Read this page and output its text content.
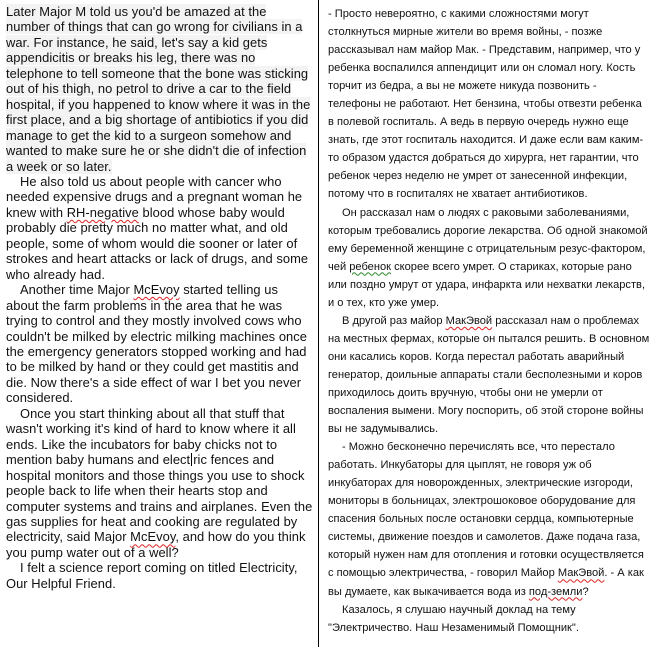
Later Major M told us you'd be amazed at the number of things that can go wrong for civilians in a war. For instance, he said, let's say a kid gets appendicitis or breaks his leg, there was no telephone to tell someone that the bone was sticking out of his thigh, no petrol to drive a car to the field hospital, if you happened to know where it was in the first place, and a big shortage of antibiotics if you did manage to get the kid to a surgeon somehow and wanted to make sure he or she didn't die of infection a week or so later.

He also told us about people with cancer who needed expensive drugs and a pregnant woman he knew with RH-negative blood whose baby would probably die pretty much no matter what, and old people, some of whom would die sooner or later of strokes and heart attacks or lack of drugs, and some who already had.

Another time Major McEvoy started telling us about the farm problems in the area that he was trying to control and they mostly involved cows who couldn't be milked by electric milking machines once the emergency generators stopped working and had to be milked by hand or they could get mastitis and die. Now there's a side effect of war I bet you never considered.

Once you start thinking about all that stuff that wasn't working it's kind of hard to know where it all ends. Like the incubators for baby chicks not to mention baby humans and elect ric fences and hospital monitors and those things you use to shock people back to life when their hearts stop and computer systems and trains and airplanes. Even the gas supplies for heat and cooking are regulated by electricity, said Major McEvoy, and how do you think you pump water out of a well?

I felt a science report coming on titled Electricity, Our Helpful Friend.

- Просто невероятно, с какими сложностями могут столкнуться мирные жители во время войны, - позже рассказывал нам майор Мак. - Представим, например, что у ребенка воспалился аппендицит или он сломал ногу. Кость торчит из бедра, а вы не можете никуда позвонить - телефоны не работают. Нет бензина, чтобы отвезти ребенка в полевой госпиталь. А ведь в первую очередь нужно еще знать, где этот госпиталь находится. И даже если вам каким-то образом удастся добраться до хирурга, нет гарантии, что ребенок через неделю не умрет от занесенной инфекции, потому что в госпиталях не хватает антибиотиков.

Он рассказал нам о людях с раковыми заболеваниями, которым требовались дорогие лекарства. Об одной знакомой ему беременной женщине с отрицательным резус-фактором, чей ребенок скорее всего умрет. О стариках, которые рано или поздно умрут от удара, инфаркта или нехватки лекарств, и о тех, кто уже умер.

В другой раз майор МакЭвой рассказал нам о проблемах на местных фермах, которые он пытался решить. В основном они касались коров. Когда перестал работать аварийный генератор, доильные аппараты стали бесполезными и коров приходилось доить вручную, чтобы они не умерли от воспаления вымени. Могу поспорить, об этой стороне войны вы не задумывались.

- Можно бесконечно перечислять все, что перестало работать. Инкубаторы для цыплят, не говоря уж об инкубаторах для новорожденных, электрические изгороди, мониторы в больницах, электрошоковое оборудование для спасения больных после остановки сердца, компьютерные системы, движение поездов и самолетов. Даже подача газа, который нужен нам для отопления и готовки осуществляется с помощью электричества, - говорил Майор МакЭвой. - А как вы думаете, как выкачивается вода из под-земли?

Казалось, я слушаю научный доклад на тему "Электричество. Наш Незаменимый Помощник".
